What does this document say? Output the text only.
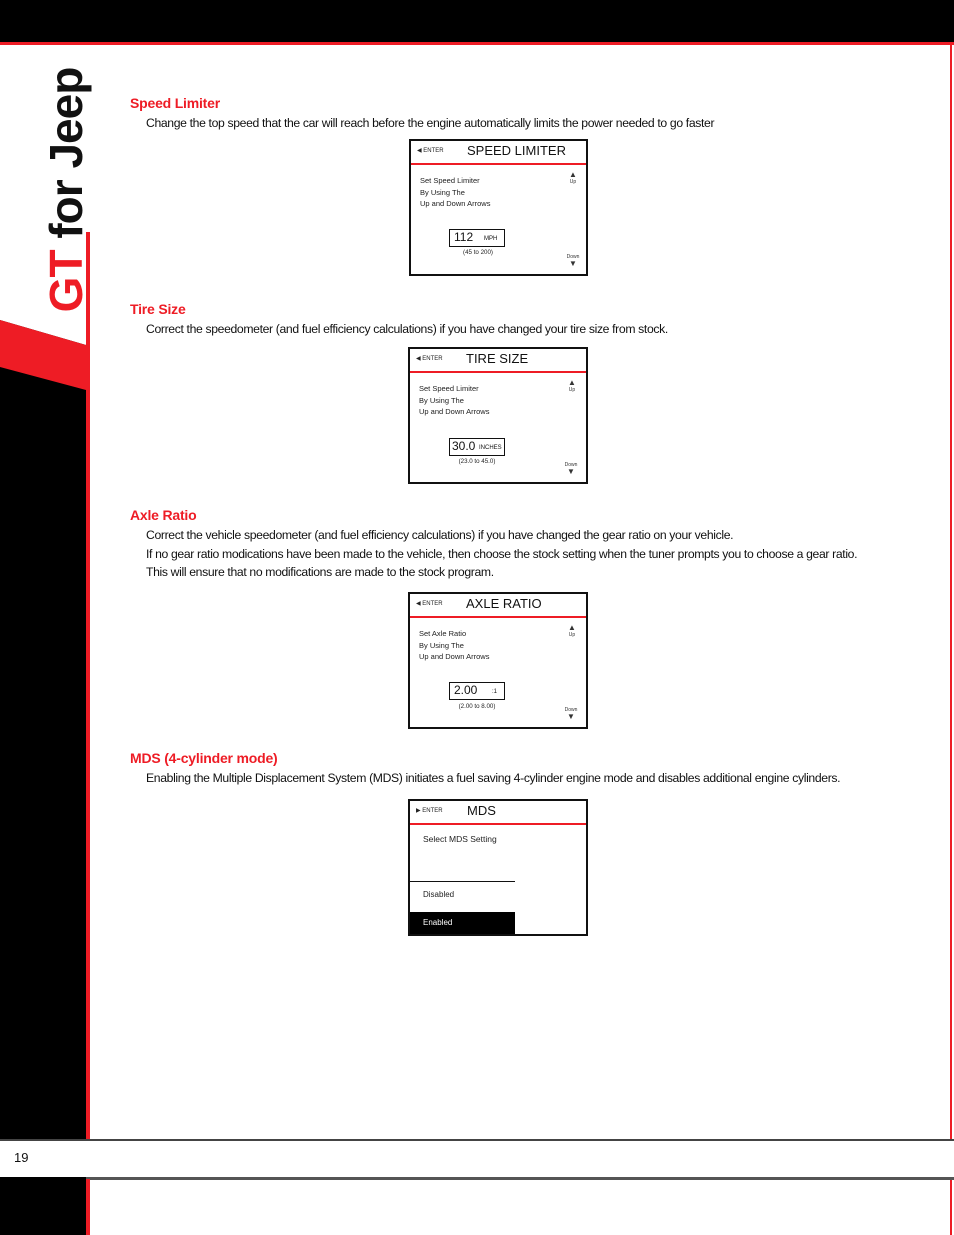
GT for Jeep	Speed Limiter
Change the top speed that the car will reach before the engine automatically limits the power needed to go faster
◀ ENTER SPEED LIMITER
Set Speed Limiter
By Using The
Up and Down Arrows
▲
Up
112 MPH
(45 to 200)
Down
▼
Tire Size
Correct the speedometer (and fuel efficiency calculations) if you have changed your tire size from stock.
◀ ENTER TIRE SIZE
Set Speed Limiter
By Using The
Up and Down Arrows
▲
Up
30.0 INCHES
(23.0 to 45.0)	Down
▼
Axle Ratio
Correct the vehicle speedometer (and fuel efficiency calculations) if you have changed the gear ratio on your vehicle.
If no gear ratio modications have been made to the vehicle, then choose the stock setting when the tuner prompts you to choose a gear ratio. This will ensure that no modifications are made to the stock program.
◀ ENTER AXLE RATIO
Set Axle Ratio
By Using The
Up and Down Arrows
▲
Up
2.00 :1
(2.00 to 8.00)	Down
▼
MDS (4-cylinder mode)
Enabling the Multiple Displacement System (MDS) initiates a fuel saving 4-cylinder engine mode and disables additional engine cylinders.
▶ ENTER MDS
Select MDS Setting
Disabled
Enabled
19
